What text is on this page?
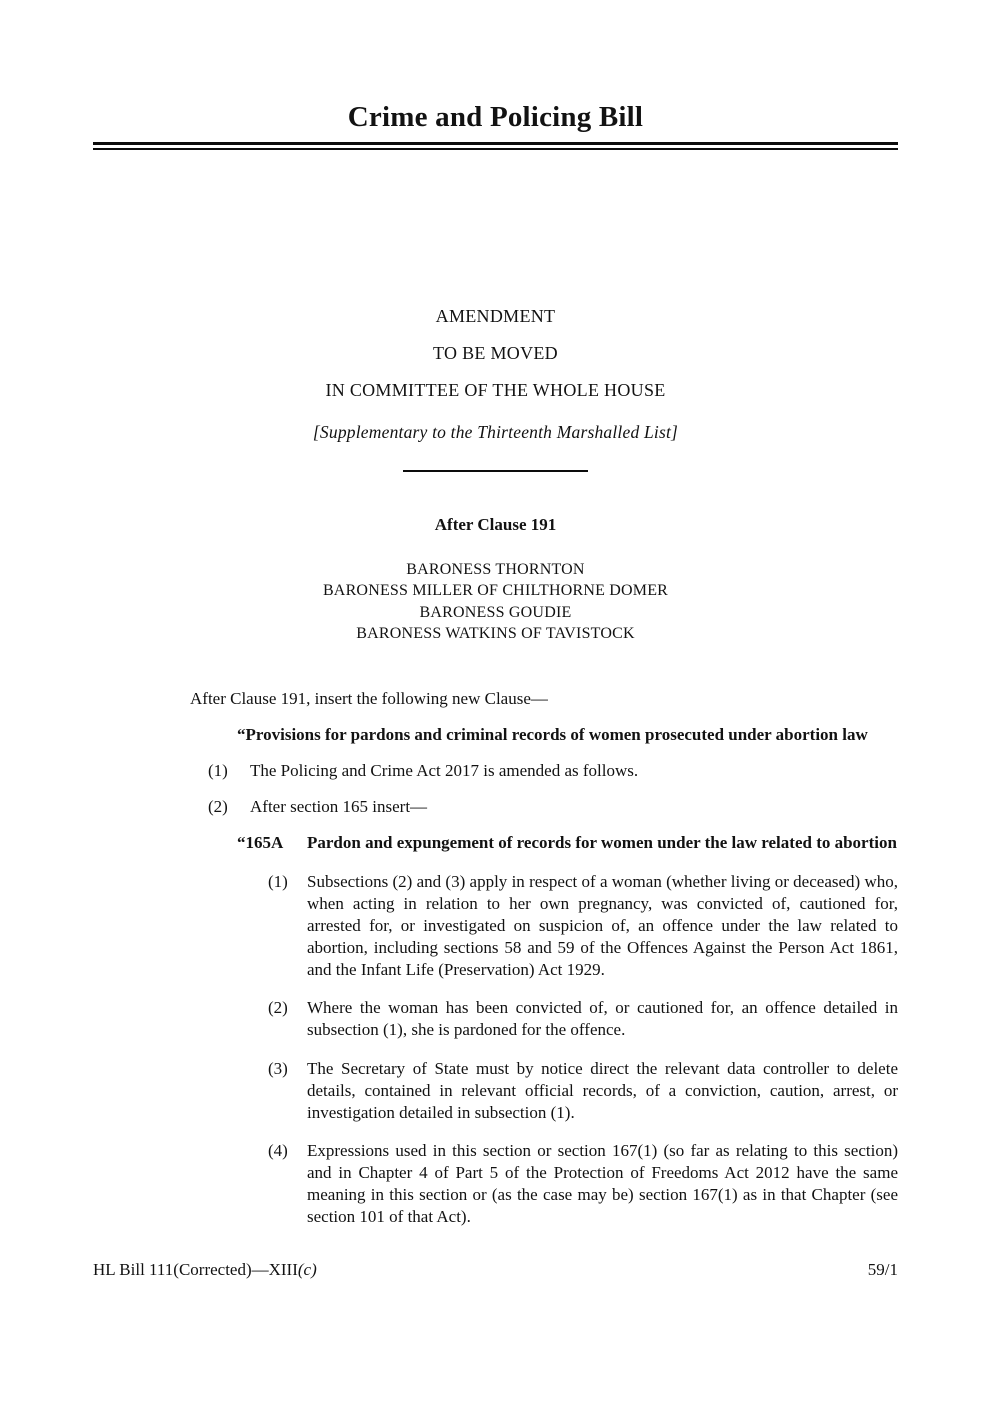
Crime and Policing Bill
AMENDMENT
TO BE MOVED
IN COMMITTEE OF THE WHOLE HOUSE
[Supplementary to the Thirteenth Marshalled List]
After Clause 191
BARONESS THORNTON
BARONESS MILLER OF CHILTHORNE DOMER
BARONESS GOUDIE
BARONESS WATKINS OF TAVISTOCK

After Clause 191, insert the following new Clause—

“Provisions for pardons and criminal records of women prosecuted under abortion law

(1)	The Policing and Crime Act 2017 is amended as follows.
(2)	After section 165 insert—
“165A	Pardon and expungement of records for women under the law related to abortion
(1)	Subsections (2) and (3) apply in respect of a woman (whether living or deceased) who, when acting in relation to her own pregnancy, was convicted of, cautioned for, arrested for, or investigated on suspicion of, an offence under the law related to abortion, including sections 58 and 59 of the Offences Against the Person Act 1861, and the Infant Life (Preservation) Act 1929.
(2)	Where the woman has been convicted of, or cautioned for, an offence detailed in subsection (1), she is pardoned for the offence.
(3)	The Secretary of State must by notice direct the relevant data controller to delete details, contained in relevant official records, of a conviction, caution, arrest, or investigation detailed in subsection (1).
(4)	Expressions used in this section or section 167(1) (so far as relating to this section) and in Chapter 4 of Part 5 of the Protection of Freedoms Act 2012 have the same meaning in this section or (as the case may be) section 167(1) as in that Chapter (see section 101 of that Act).
HL Bill 111(Corrected)—XIII(c)	59/1
